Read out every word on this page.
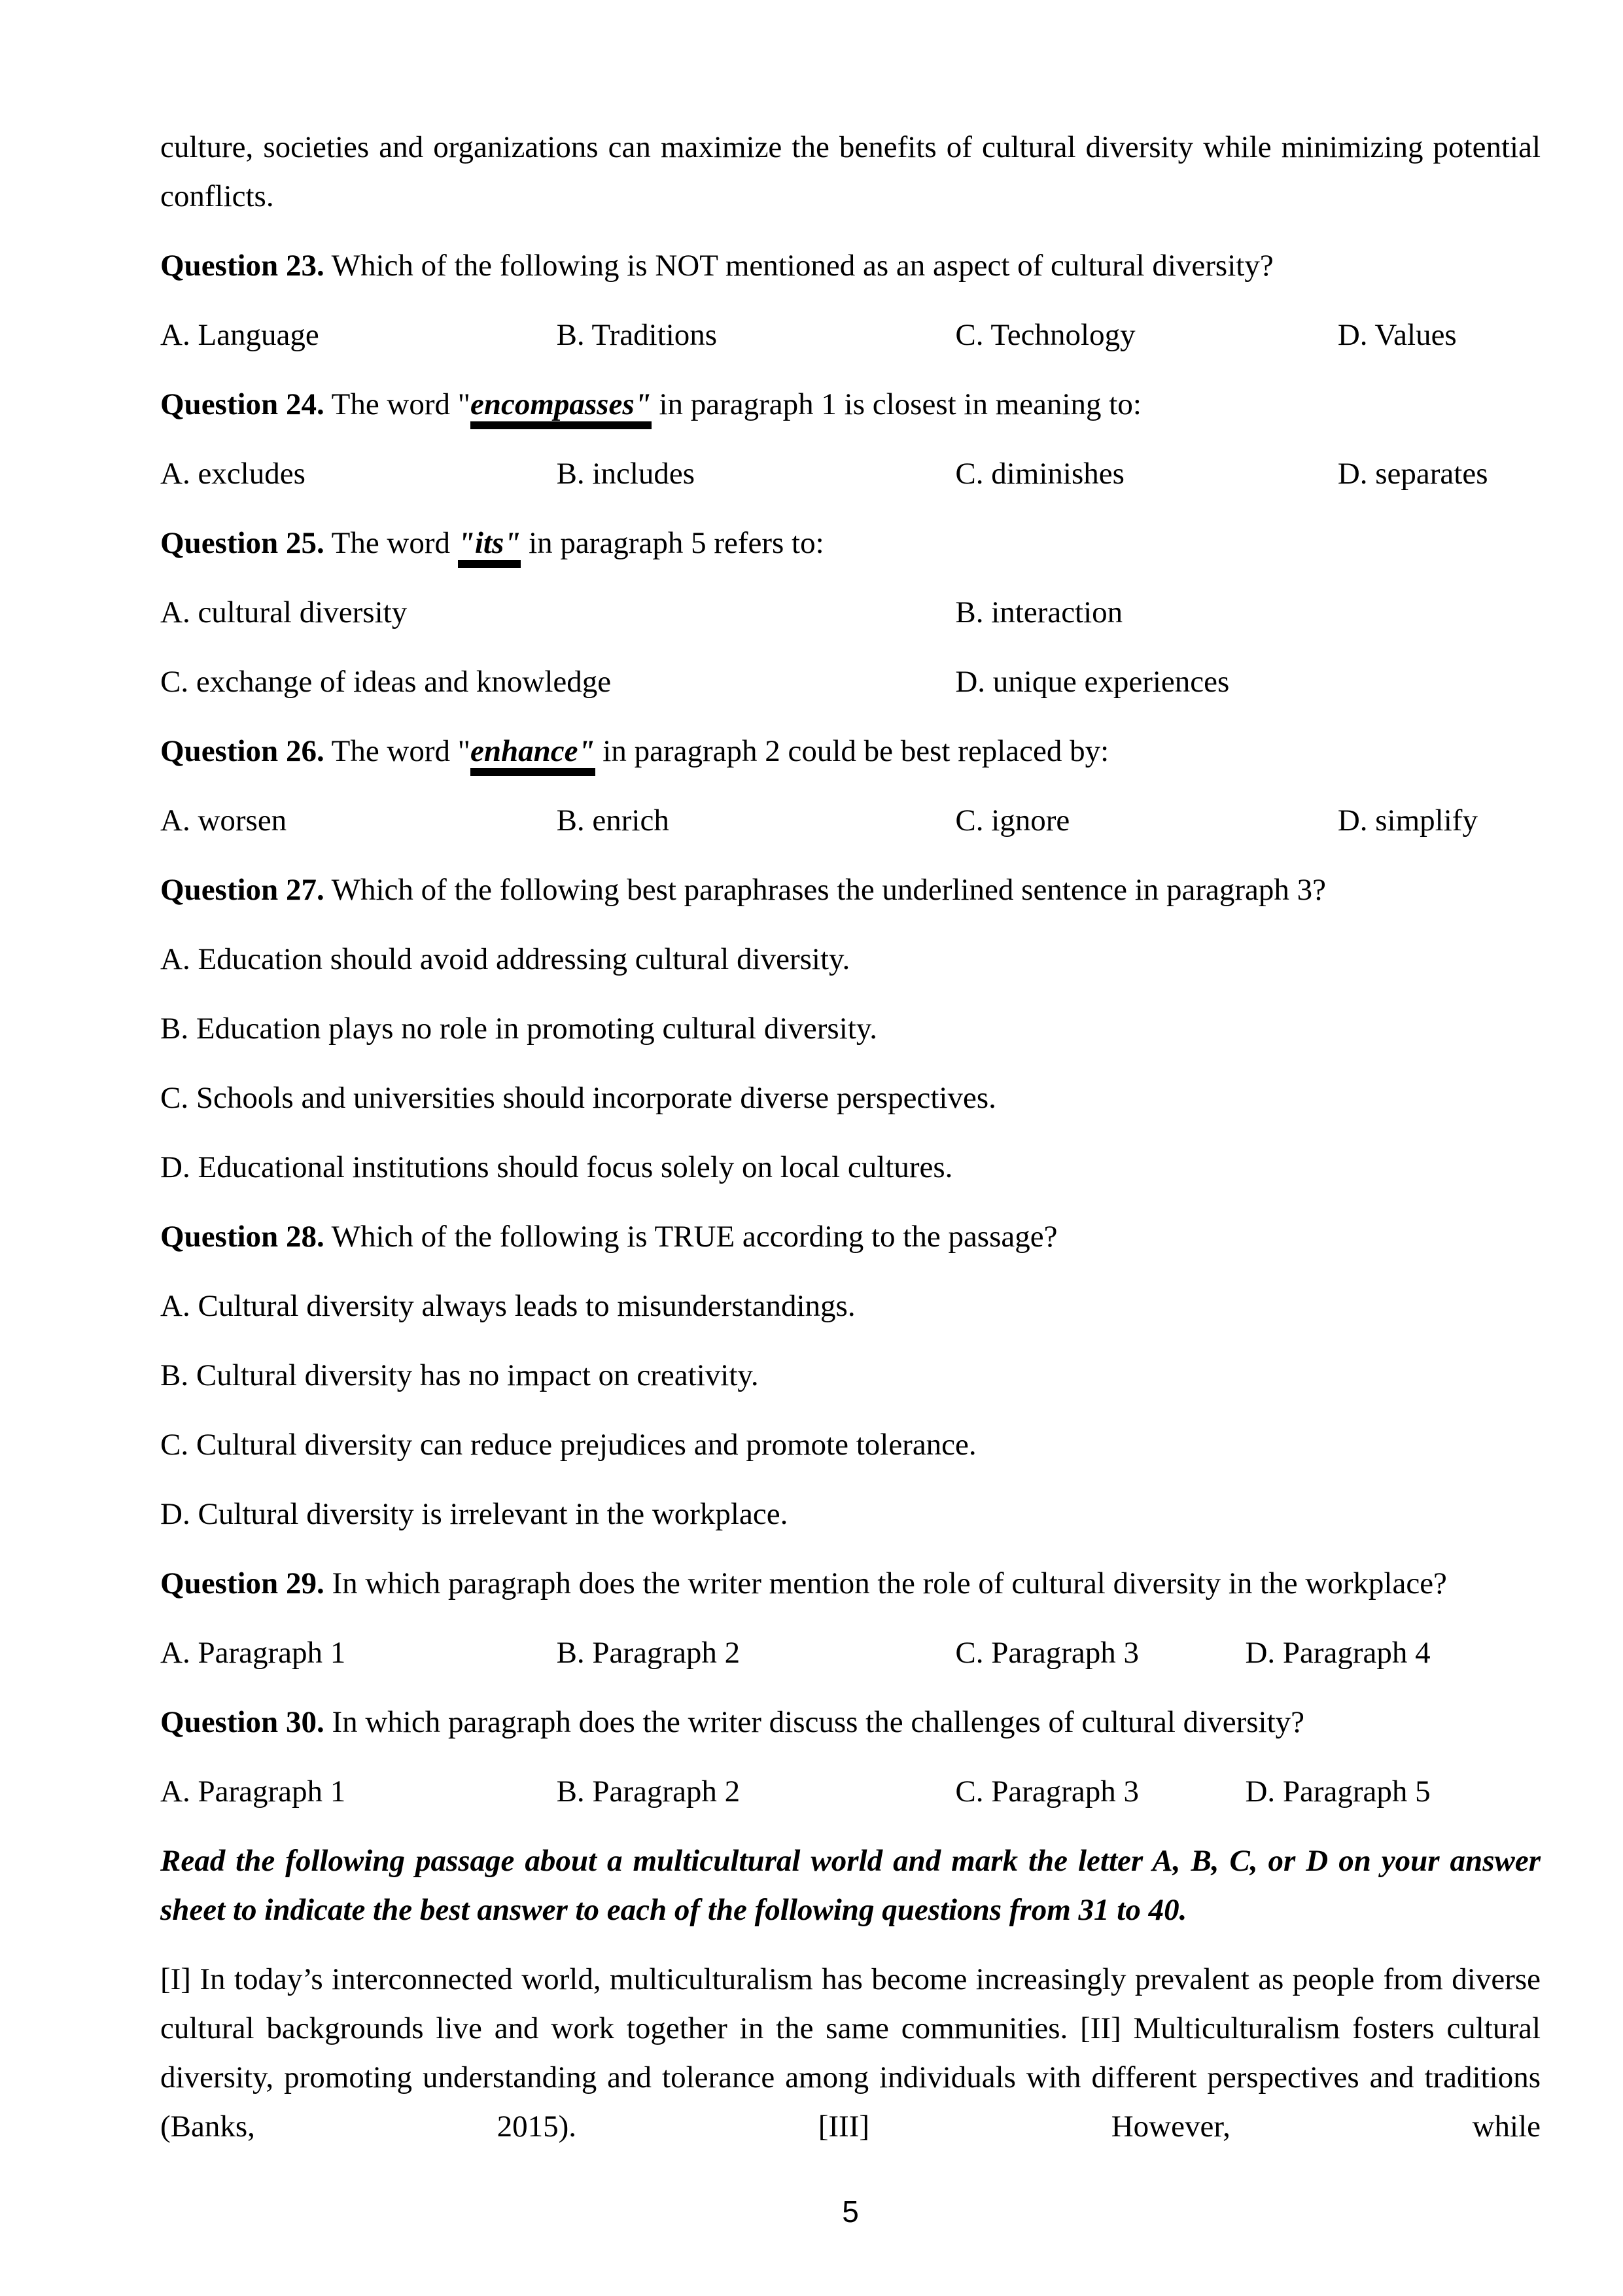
culture, societies and organizations can maximize the benefits of cultural diversity while minimizing potential conflicts.
Question 23. Which of the following is NOT mentioned as an aspect of cultural diversity?
A. Language	B. Traditions	C. Technology	D. Values
Question 24. The word "encompasses" in paragraph 1 is closest in meaning to:
A. excludes	B. includes	C. diminishes	D. separates
Question 25. The word "its" in paragraph 5 refers to:
A. cultural diversity	B. interaction
C. exchange of ideas and knowledge	D. unique experiences
Question 26. The word "enhance" in paragraph 2 could be best replaced by:
A. worsen	B. enrich	C. ignore	D. simplify
Question 27. Which of the following best paraphrases the underlined sentence in paragraph 3?
A. Education should avoid addressing cultural diversity.
B. Education plays no role in promoting cultural diversity.
C. Schools and universities should incorporate diverse perspectives.
D. Educational institutions should focus solely on local cultures.
Question 28. Which of the following is TRUE according to the passage?
A. Cultural diversity always leads to misunderstandings.
B. Cultural diversity has no impact on creativity.
C. Cultural diversity can reduce prejudices and promote tolerance.
D. Cultural diversity is irrelevant in the workplace.
Question 29. In which paragraph does the writer mention the role of cultural diversity in the workplace?
A. Paragraph 1	B. Paragraph 2	C. Paragraph 3	D. Paragraph 4
Question 30. In which paragraph does the writer discuss the challenges of cultural diversity?
A. Paragraph 1	B. Paragraph 2	C. Paragraph 3	D. Paragraph 5
Read the following passage about a multicultural world and mark the letter A, B, C, or D on your answer sheet to indicate the best answer to each of the following questions from 31 to 40.
[I] In today’s interconnected world, multiculturalism has become increasingly prevalent as people from diverse cultural backgrounds live and work together in the same communities. [II] Multiculturalism fosters cultural diversity, promoting understanding and tolerance among individuals with different perspectives and traditions (Banks, 2015). [III] However, while
5
